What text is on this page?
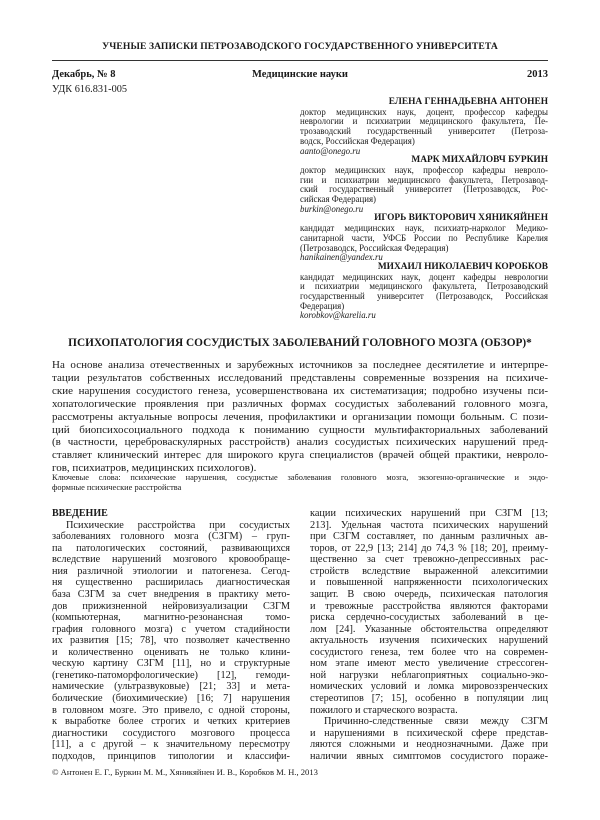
УЧЕНЫЕ ЗАПИСКИ ПЕТРОЗАВОДСКОГО ГОСУДАРСТВЕННОГО УНИВЕРСИТЕТА
Декабрь, № 8	Медицинские науки	2013
УДК 616.831-005
ЕЛЕНА ГЕННАДЬЕВНА АНТОНЕН
доктор медицинских наук, доцент, профессор кафедры
неврологии и психиатрии медицинского факультета, Пе-
трозаводский государственный университет (Петроза-
водск, Российская Федерация)
aanto@onego.ru
МАРК МИХАЙЛОВЧ БУРКИН
доктор медицинских наук, профессор кафедры невроло-
гии и психиатрии медицинского факультета, Петрозавод-
ский государственный университет (Петрозаводск, Рос-
сийская Федерация)
burkin@onego.ru
ИГОРЬ ВИКТОРОВИЧ ХЯНИКЯЙНЕН
кандидат медицинских наук, психиатр-нарколог Медико-
санитарной части, УФСБ России по Республике Карелия
(Петрозаводск, Российская Федерация)
hanikainen@yandex.ru
МИХАИЛ НИКОЛАЕВИЧ КОРОБКОВ
кандидат медицинских наук, доцент кафедры неврологии
и психиатрии медицинского факультета, Петрозаводский
государственный университет (Петрозаводск, Российская
Федерация)
korobkov@karelia.ru
ПСИХОПАТОЛОГИЯ СОСУДИСТЫХ ЗАБОЛЕВАНИЙ ГОЛОВНОГО МОЗГА (ОБЗОР)*
На основе анализа отечественных и зарубежных источников за последнее десятилетие и интерпре-
тации результатов собственных исследований представлены современные воззрения на психиче-
ские нарушения сосудистого генеза, усовершенствована их систематизация; подробно изучены пси-
хопатологические проявления при различных формах сосудистых заболеваний головного мозга,
рассмотрены актуальные вопросы лечения, профилактики и организации помощи больным. С пози-
ций биопсихосоциального подхода к пониманию сущности мультифакториальных заболеваний
(в частности, цереброваскулярных расстройств) анализ сосудистых психических нарушений пред-
ставляет клинический интерес для широкого круга специалистов (врачей общей практики, невроло-
гов, психиатров, медицинских психологов).
Ключевые слова: психические нарушения, сосудистые заболевания головного мозга, экзогенно-органические и эндо-
формные психические расстройства
ВВЕДЕНИЕ
Психические расстройства при сосудистых
заболеваниях головного мозга (СЗГМ) – груп-
па патологических состояний, развивающихся
вследствие нарушений мозгового кровообраще-
ния различной этиологии и патогенеза. Сегод-
ня существенно расширилась диагностическая
база СЗГМ за счет внедрения в практику мето-
дов прижизненной нейровизуализации СЗГМ
(компьютерная, магнитно-резонансная томо-
графия головного мозга) с учетом стадийности
их развития [15; 78], что позволяет качественно
и количественно оценивать не только клини-
ческую картину СЗГМ [11], но и структурные
(генетико-патоморфологические) [12], гемоди-
намические (ультразвуковые) [21; 33] и мета-
болические (биохимические) [16; 7] нарушения
в головном мозге. Это привело, с одной стороны,
к выработке более строгих и четких критериев
диагностики сосудистого мозгового процесса
[11], а с другой – к значительному пересмотру
подходов, принципов типологии и классифи-
кации психических нарушений при СЗГМ [13;
213]. Удельная частота психических нарушений
при СЗГМ составляет, по данным различных ав-
торов, от 22,9 [13; 214] до 74,3 % [18; 20], преиму-
щественно за счет тревожно-депрессивных рас-
стройств вследствие выраженной алекситимии
и повышенной напряженности психологических
защит. В свою очередь, психическая патология
и тревожные расстройства являются факторами
риска сердечно-сосудистых заболеваний в це-
лом [24]. Указанные обстоятельства определяют
актуальность изучения психических нарушений
сосудистого генеза, тем более что на современ-
ном этапе имеют место увеличение стрессоген-
ной нагрузки неблагоприятных социально-эко-
номических условий и ломка мировоззренческих
стереотипов [7; 15], особенно в популяции лиц
пожилого и старческого возраста.
Причинно-следственные связи между СЗГМ
и нарушениями в психической сфере представ-
ляются сложными и неоднозначными. Даже при
наличии явных симптомов сосудистого пораже-
© Антонен Е. Г., Буркин М. М., Хяникяйнен И. В., Коробков М. Н., 2013
